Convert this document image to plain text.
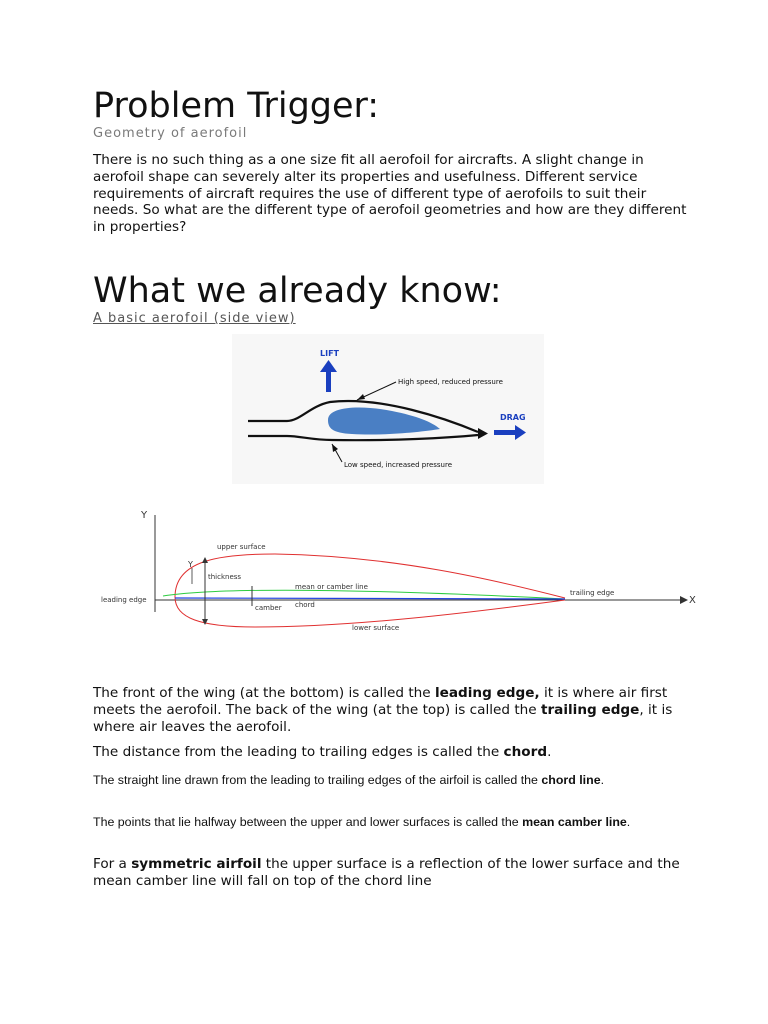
Problem Trigger:
Geometry of aerofoil

There is no such thing as a one size fit all aerofoil for aircrafts. A slight change in aerofoil shape can severely alter its properties and usefulness. Different service requirements of aircraft requires the use of different type of aerofoils to suit their needs. So what are the different type of aerofoil geometries and how are they different in properties?

What we already know:
A basic aerofoil (side view)
LIFT
DRAG
High speed, reduced pressure
Low speed, increased pressure
Y
X
thickness
camber
Y
upper surface
mean or camber line
chord
lower surface
leading edge
trailing edge

The front of the wing (at the bottom) is called the leading edge, it is where air first meets the aerofoil. The back of the wing (at the top) is called the trailing edge, it is where air leaves the aerofoil.

The distance from the leading to trailing edges is called the chord.

The straight line drawn from the leading to trailing edges of the airfoil is called the chord line.

The points that lie halfway between the upper and lower surfaces is called the mean camber line.

For a symmetric airfoil the upper surface is a reflection of the lower surface and the mean camber line will fall on top of the chord line
